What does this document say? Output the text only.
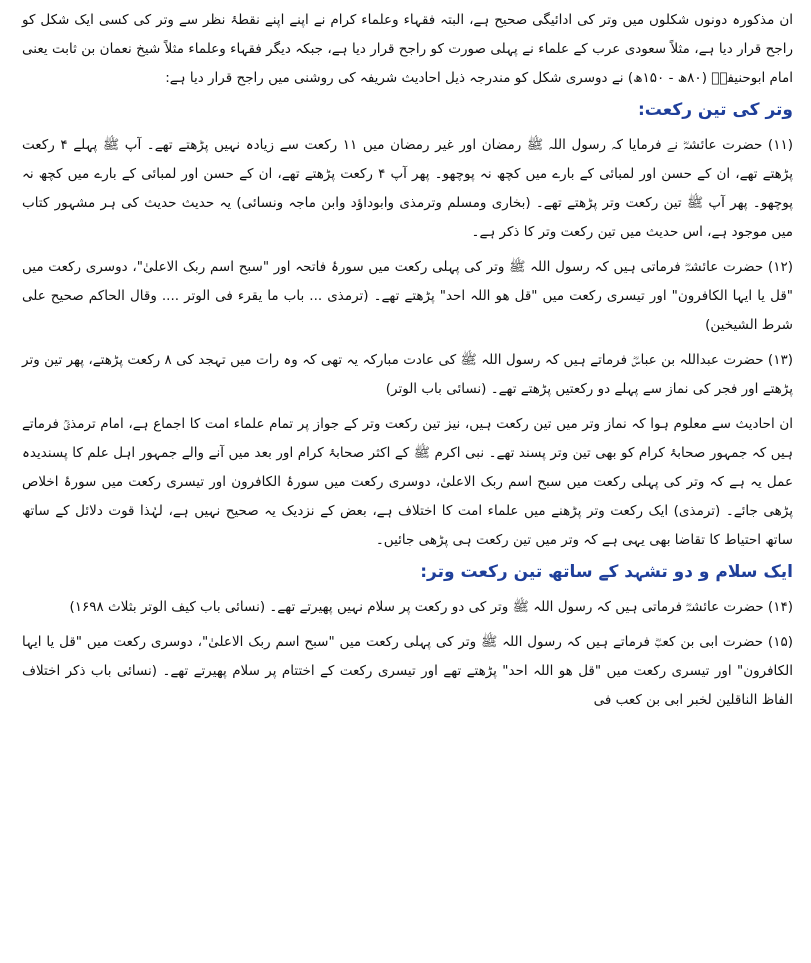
ان مذکورہ دونوں شکلوں میں وتر کی ادائیگی صحیح ہے، البتہ فقہاء وعلماء کرام نے اپنے اپنے نقطۂ نظر سے وتر کی کسی ایک شکل کو راجح قرار دیا ہے، مثلاً سعودی عرب کے علماء نے پہلی صورت کو راجح قرار دیا ہے، جبکہ دیگر فقہاء وعلماء مثلاً شیخ نعمان بن ثابت یعنی امام ابوحنیفہؒ (۸۰ھ - ۱۵۰ھ) نے دوسری شکل کو مندرجہ ذیل احادیث شریفہ کی روشنی میں راجح قرار دیا ہے:

وتر کی تین رکعت:

(۱۱) حضرت عائشہؓ نے فرمایا کہ رسول اللہ ﷺ رمضان اور غیر رمضان میں ۱۱ رکعت سے زیادہ نہیں پڑھتے تھے۔ آپ ﷺ پہلے ۴ رکعت پڑھتے تھے، ان کے حسن اور لمبائی کے بارے میں کچھ نہ پوچھو۔ پھر آپ ۴ رکعت پڑھتے تھے، ان کے حسن اور لمبائی کے بارے میں کچھ نہ پوچھو۔ پھر آپ ﷺ تین رکعت وتر پڑھتے تھے۔ (بخاری ومسلم وترمذی وابوداؤد وابن ماجہ ونسائی) یہ حدیث حدیث کی ہر مشہور کتاب میں موجود ہے، اس حدیث میں تین رکعت وتر کا ذکر ہے۔

(۱۲) حضرت عائشہؓ فرماتی ہیں کہ رسول اللہ ﷺ وتر کی پہلی رکعت میں سورۂ فاتحہ اور "سبح اسم ربک الاعلیٰ"، دوسری رکعت میں "قل یا ایہا الکافرون" اور تیسری رکعت میں "قل ھو اللہ احد" پڑھتے تھے۔ (ترمذی ... باب ما یقرء فی الوتر .... وقال الحاکم صحیح علی شرط الشیخین)

(۱۳) حضرت عبداللہ بن عباسؓ فرماتے ہیں کہ رسول اللہ ﷺ کی عادت مبارکہ یہ تھی کہ وہ رات میں تہجد کی ۸ رکعت پڑھتے، پھر تین وتر پڑھتے اور فجر کی نماز سے پہلے دو رکعتیں پڑھتے تھے۔ (نسائی باب الوتر)

ان احادیث سے معلوم ہوا کہ نماز وتر میں تین رکعت ہیں، نیز تین رکعت وتر کے جواز پر تمام علماء امت کا اجماع ہے، امام ترمذیؒ فرماتے ہیں کہ جمہور صحابۂ کرام کو بھی تین وتر پسند تھے۔ نبی اکرم ﷺ کے اکثر صحابۂ کرام اور بعد میں آنے والے جمہور اہل علم کا پسندیدہ عمل یہ ہے کہ وتر کی پہلی رکعت میں سبح اسم ربک الاعلیٰ، دوسری رکعت میں سورۂ الکافرون اور تیسری رکعت میں سورۂ اخلاص پڑھی جائے۔ (ترمذی) ایک رکعت وتر پڑھنے میں علماء امت کا اختلاف ہے، بعض کے نزدیک یہ صحیح نہیں ہے، لہٰذا قوت دلائل کے ساتھ ساتھ احتیاط کا تقاضا بھی یہی ہے کہ وتر میں تین رکعت ہی پڑھی جائیں۔

ایک سلام و دو تشہد کے ساتھ تین رکعت وتر:

(۱۴) حضرت عائشہؓ فرماتی ہیں کہ رسول اللہ ﷺ وتر کی دو رکعت پر سلام نہیں پھیرتے تھے۔ (نسائی باب کیف الوتر بثلاث ۱۶۹۸)

(۱۵) حضرت ابی بن کعبؓ فرماتے ہیں کہ رسول اللہ ﷺ وتر کی پہلی رکعت میں "سبح اسم ربک الاعلیٰ"، دوسری رکعت میں "قل یا ایہا الکافرون" اور تیسری رکعت میں "قل ھو اللہ احد" پڑھتے تھے اور تیسری رکعت کے اختتام پر سلام پھیرتے تھے۔ (نسائی باب ذکر اختلاف الفاظ الناقلین لخبر ابی بن کعب فی
